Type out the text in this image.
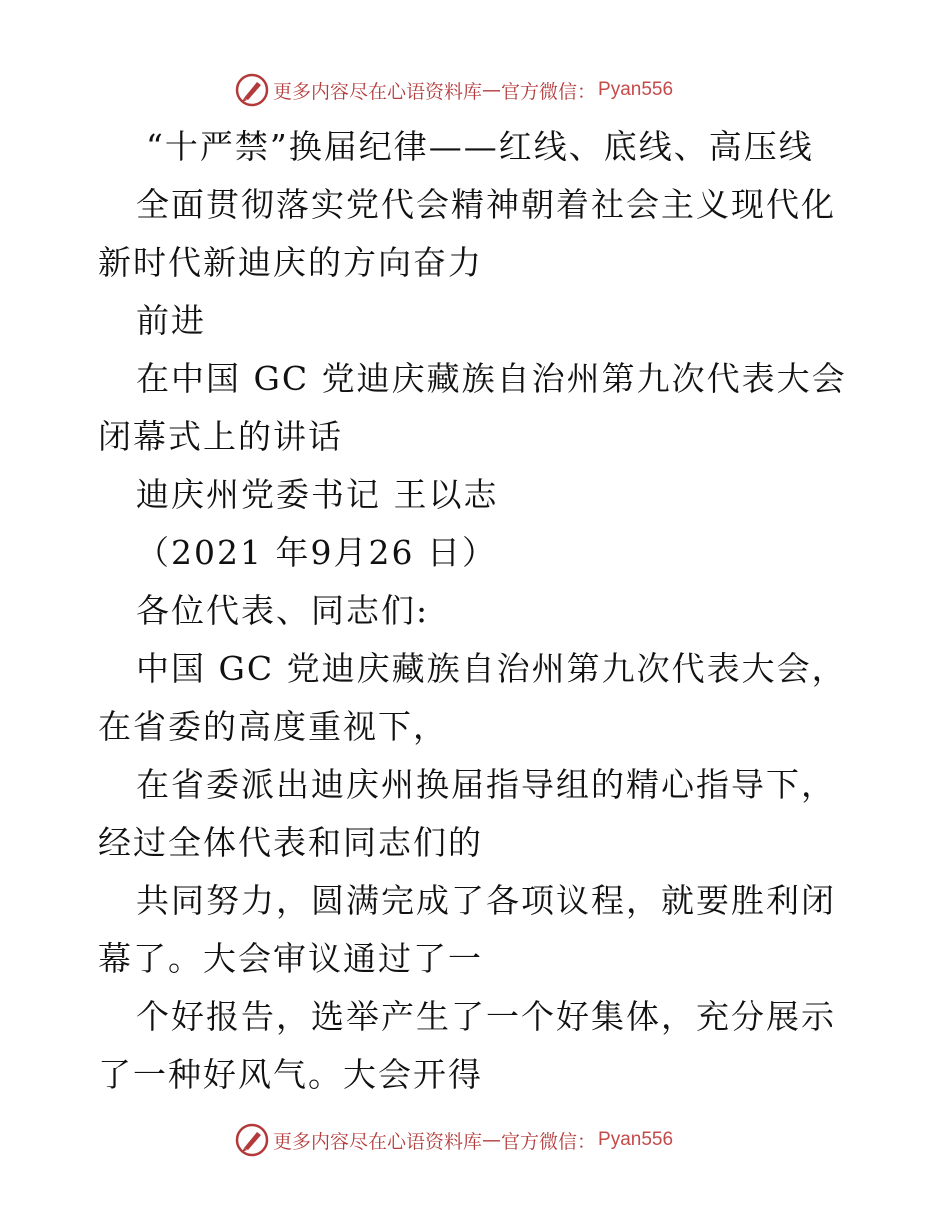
更多内容尽在心语资料库 — 官方微信： Pyan556

“十严禁”换届纪律——红线、底线、高压线

全面贯彻落实党代会精神朝着社会主义现代化新时代新迪庆的方向奋力

前进

在中国 GC 党迪庆藏族自治州第九次代表大会闭幕式上的讲话

迪庆州党委书记 王以志

（2021 年9月26 日）

各位代表、同志们:

中国 GC 党迪庆藏族自治州第九次代表大会，在省委的高度重视下，

在省委派出迪庆州换届指导组的精心指导下，经过全体代表和同志们的

共同努力，圆满完成了各项议程，就要胜利闭幕了。大会审议通过了一

个好报告，选举产生了一个好集体，充分展示了一种好风气。大会开得

更多内容尽在心语资料库 — 官方微信： Pyan556
